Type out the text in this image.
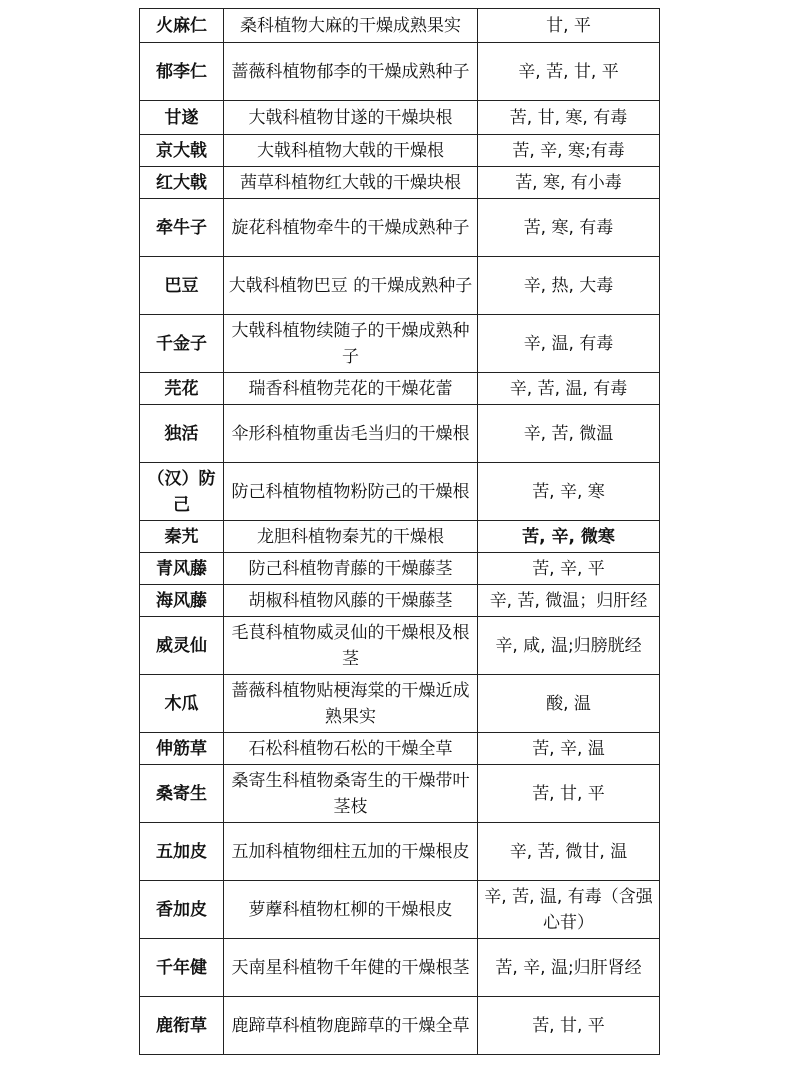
火麻仁	桑科植物大麻的干燥成熟果实	甘, 平
郁李仁	蔷薇科植物郁李的干燥成熟种子	辛, 苦, 甘, 平
甘遂	大戟科植物甘遂的干燥块根	苦, 甘, 寒, 有毒
京大戟	大戟科植物大戟的干燥根	苦, 辛, 寒;有毒
红大戟	茜草科植物红大戟的干燥块根	苦, 寒, 有小毒
牵牛子	旋花科植物牵牛的干燥成熟种子	苦, 寒, 有毒
巴豆	大戟科植物巴豆 的干燥成熟种子	辛, 热, 大毒
千金子	大戟科植物续随子的干燥成熟种子	辛, 温, 有毒
芫花	瑞香科植物芫花的干燥花蕾	辛, 苦, 温, 有毒
独活	伞形科植物重齿毛当归的干燥根	辛, 苦, 微温
（汉）防己	防己科植物植物粉防己的干燥根	苦, 辛, 寒
秦艽	龙胆科植物秦艽的干燥根	苦, 辛, 微寒
青风藤	防己科植物青藤的干燥藤茎	苦, 辛, 平
海风藤	胡椒科植物风藤的干燥藤茎	辛, 苦, 微温；归肝经
威灵仙	毛茛科植物威灵仙的干燥根及根茎	辛, 咸, 温;归膀胱经
木瓜	蔷薇科植物贴梗海棠的干燥近成熟果实	酸, 温
伸筋草	石松科植物石松的干燥全草	苦, 辛, 温
桑寄生	桑寄生科植物桑寄生的干燥带叶茎枝	苦, 甘, 平
五加皮	五加科植物细柱五加的干燥根皮	辛, 苦, 微甘, 温
香加皮	萝藦科植物杠柳的干燥根皮	辛, 苦, 温, 有毒（含强心苷）
千年健	天南星科植物千年健的干燥根茎	苦, 辛, 温;归肝肾经
鹿衔草	鹿蹄草科植物鹿蹄草的干燥全草	苦, 甘, 平
